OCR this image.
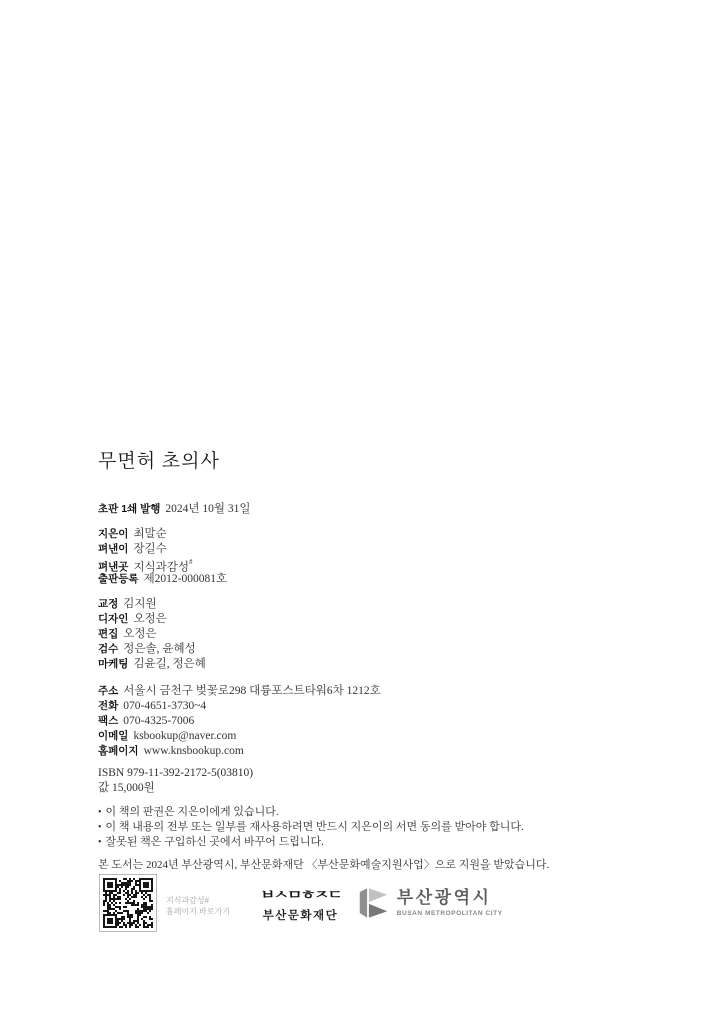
무면허 초의사
초판 1쇄 발행 2024년 10월 31일
지은이 최말순
펴낸이 장길수
펴낸곳 지식과감성#
출판등록 제2012-000081호
교정 김지원
디자인 오정은
편집 오정은
검수 정은솔, 윤혜성
마케팅 김윤길, 정은혜
주소 서울시 금천구 벚꽃로298 대륭포스트타워6차 1212호
전화 070-4651-3730~4
팩스 070-4325-7006
이메일 ksbookup@naver.com
홈페이지 www.knsbookup.com
ISBN 979-11-392-2172-5(03810)
값 15,000원
• 이 책의 판권은 지은이에게 있습니다.
• 이 책 내용의 전부 또는 일부를 재사용하려면 반드시 지은이의 서면 동의를 받아야 합니다.
• 잘못된 책은 구입하신 곳에서 바꾸어 드립니다.
본 도서는 2024년 부산광역시, 부산문화재단 〈부산문화예술지원사업〉으로 지원을 받았습니다.
지식과감성#
홈페이지 바로가기
ㅂㅅㅁㅎㅈㄷ
부산문화재단
부산광역시
BUSAN METROPOLITAN CITY
